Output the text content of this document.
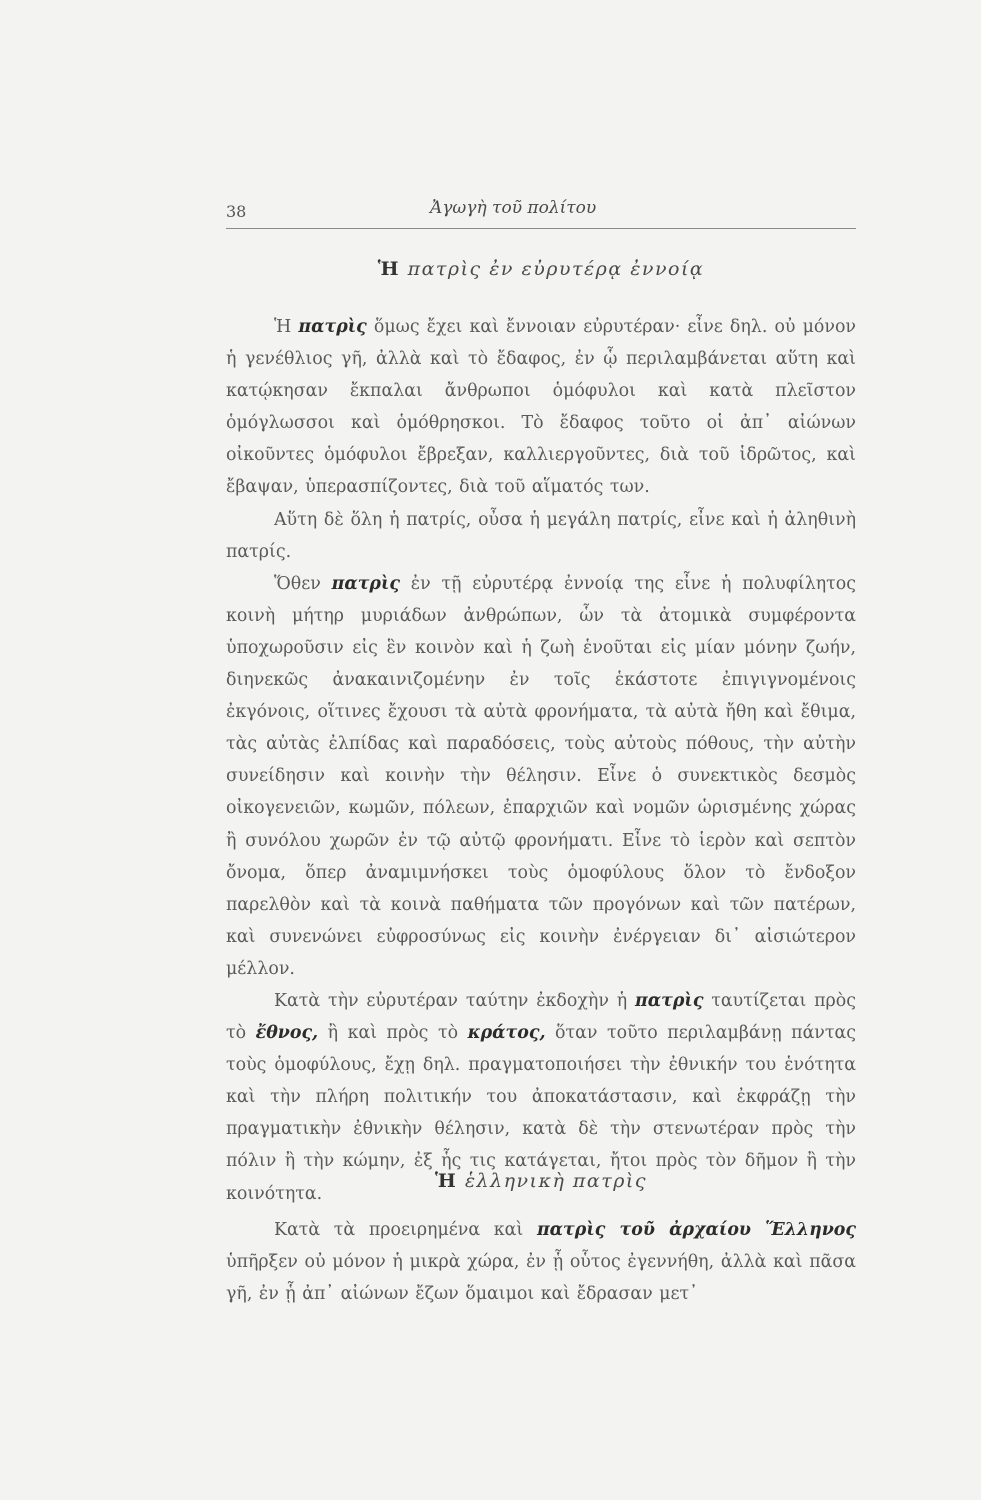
38	Ἀγωγὴ τοῦ πολίτου
Ἡ πατρὶς ἐν εὐρυτέρᾳ ἐννοίᾳ

Ἡ πατρὶς ὅμως ἔχει καὶ ἔννοιαν εὐρυτέραν· εἶνε δηλ. οὐ μόνον ἡ γενέθλιος γῆ, ἀλλὰ καὶ τὸ ἔδαφος, ἐν ᾧ περιλαμβάνεται αὕτη καὶ κατῴκησαν ἔκπαλαι ἄνθρωποι ὁμόφυλοι καὶ κατὰ πλεῖστον ὁμόγλωσσοι καὶ ὁμόθρησκοι. Τὸ ἔδαφος τοῦτο οἱ ἀπ᾽ αἰώνων οἰκοῦντες ὁμόφυλοι ἔβρεξαν, καλλιεργοῦντες, διὰ τοῦ ἱδρῶτος, καὶ ἔβαψαν, ὑπερασπίζοντες, διὰ τοῦ αἵματός των.

Αὕτη δὲ ὅλη ἡ πατρίς, οὖσα ἡ μεγάλη πατρίς, εἶνε καὶ ἡ ἀληθινὴ πατρίς.

Ὅθεν πατρὶς ἐν τῇ εὐρυτέρᾳ ἐννοίᾳ της εἶνε ἡ πολυφίλητος κοινὴ μήτηρ μυριάδων ἀνθρώπων, ὧν τὰ ἀτομικὰ συμφέροντα ὑποχωροῦσιν εἰς ἓν κοινὸν καὶ ἡ ζωὴ ἑνοῦται εἰς μίαν μόνην ζωήν, διηνεκῶς ἀνακαινιζομένην ἐν τοῖς ἑκάστοτε ἐπιγιγνομένοις ἐκγόνοις, οἵτινες ἔχουσι τὰ αὐτὰ φρονήματα, τὰ αὐτὰ ἤθη καὶ ἔθιμα, τὰς αὐτὰς ἐλπίδας καὶ παραδόσεις, τοὺς αὐτοὺς πόθους, τὴν αὐτὴν συνείδησιν καὶ κοινὴν τὴν θέλησιν. Εἶνε ὁ συνεκτικὸς δεσμὸς οἰκογενειῶν, κωμῶν, πόλεων, ἐπαρχιῶν καὶ νομῶν ὡρισμένης χώρας ἢ συνόλου χωρῶν ἐν τῷ αὐτῷ φρονήματι. Εἶνε τὸ ἱερὸν καὶ σεπτὸν ὄνομα, ὅπερ ἀναμιμνήσκει τοὺς ὁμοφύλους ὅλον τὸ ἔνδοξον παρελθὸν καὶ τὰ κοινὰ παθήματα τῶν προγόνων καὶ τῶν πατέρων, καὶ συνενώνει εὐφροσύνως εἰς κοινὴν ἐνέργειαν δι᾽ αἰσιώτερον μέλλον.

Κατὰ τὴν εὐρυτέραν ταύτην ἐκδοχὴν ἡ πατρὶς ταυτίζεται πρὸς τὸ ἔθνος, ἢ καὶ πρὸς τὸ κράτος, ὅταν τοῦτο περιλαμβάνῃ πάντας τοὺς ὁμοφύλους, ἔχῃ δηλ. πραγματοποιήσει τὴν ἐθνικήν του ἑνότητα καὶ τὴν πλήρη πολιτικήν του ἀποκατάστασιν, καὶ ἐκφράζῃ τὴν πραγματικὴν ἐθνικὴν θέλησιν, κατὰ δὲ τὴν στενωτέραν πρὸς τὴν πόλιν ἢ τὴν κώμην, ἐξ ἧς τις κατάγεται, ἤτοι πρὸς τὸν δῆμον ἢ τὴν κοινότητα.

Ἡ ἑλληνικὴ πατρὶς

Κατὰ τὰ προειρημένα καὶ πατρὶς τοῦ ἀρχαίου Ἕλληνος ὑπῆρξεν οὐ μόνον ἡ μικρὰ χώρα, ἐν ᾗ οὗτος ἐγεννήθη, ἀλλὰ καὶ πᾶσα γῆ, ἐν ᾗ ἀπ᾽ αἰώνων ἔζων ὅμαιμοι καὶ ἔδρασαν μετ᾽
